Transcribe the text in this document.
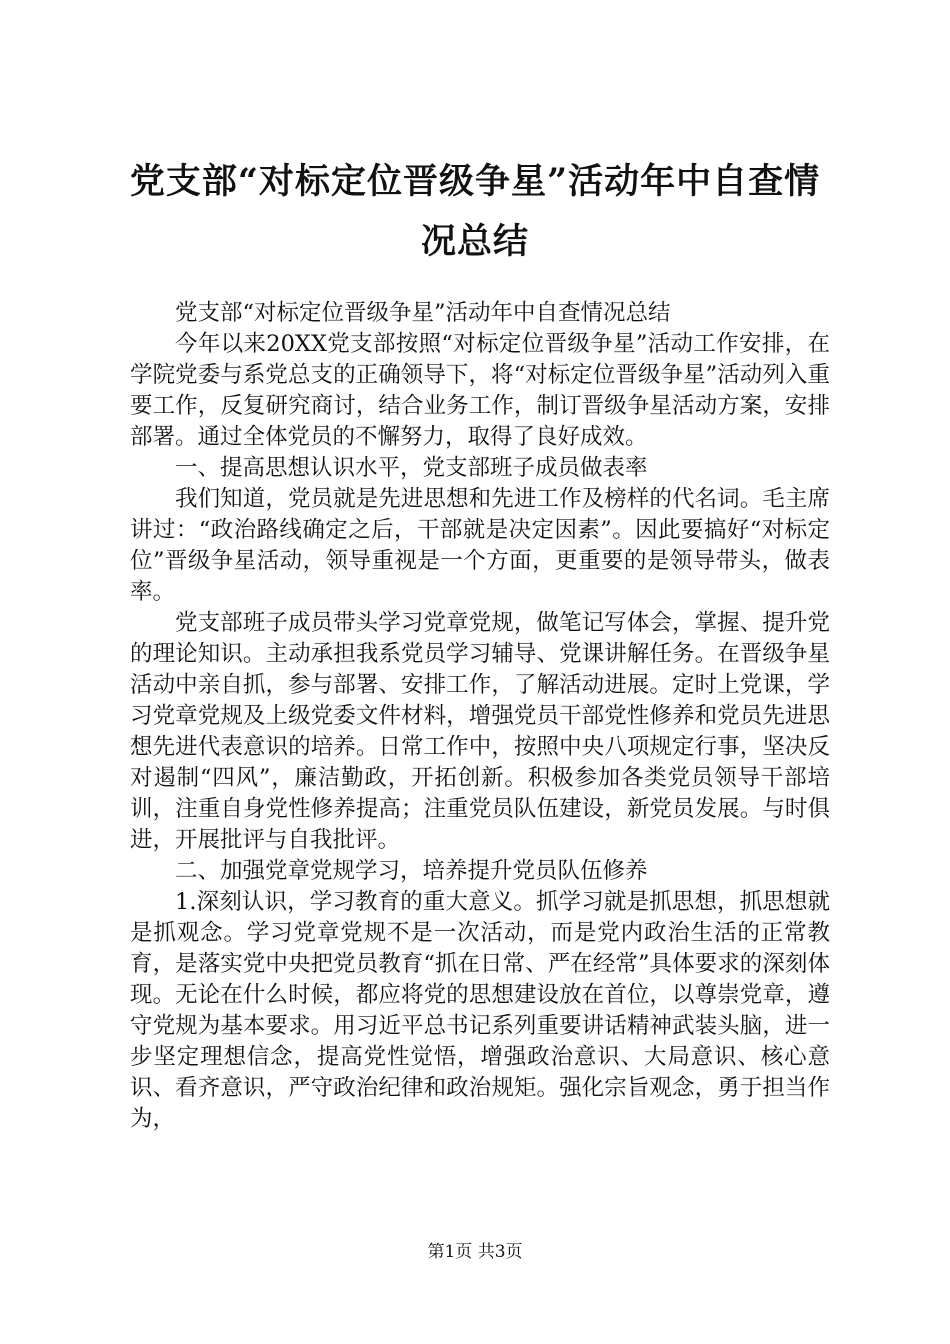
党支部“对标定位晋级争星”活动年中自查情况总结

党支部“对标定位晋级争星”活动年中自查情况总结

今年以来20XX党支部按照“对标定位晋级争星”活动工作安排，在学院党委与系党总支的正确领导下，将“对标定位晋级争星”活动列入重要工作，反复研究商讨，结合业务工作，制订晋级争星活动方案，安排部署。通过全体党员的不懈努力，取得了良好成效。

一、提高思想认识水平，党支部班子成员做表率

我们知道，党员就是先进思想和先进工作及榜样的代名词。毛主席讲过：“政治路线确定之后，干部就是决定因素”。因此要搞好“对标定位”晋级争星活动，领导重视是一个方面，更重要的是领导带头，做表率。

党支部班子成员带头学习党章党规，做笔记写体会，掌握、提升党的理论知识。主动承担我系党员学习辅导、党课讲解任务。在晋级争星活动中亲自抓，参与部署、安排工作，了解活动进展。定时上党课，学习党章党规及上级党委文件材料，增强党员干部党性修养和党员先进思想先进代表意识的培养。日常工作中，按照中央八项规定行事，坚决反对遏制“四风”，廉洁勤政，开拓创新。积极参加各类党员领导干部培训，注重自身党性修养提高；注重党员队伍建设，新党员发展。与时俱进，开展批评与自我批评。

二、加强党章党规学习，培养提升党员队伍修养

1.深刻认识，学习教育的重大意义。抓学习就是抓思想，抓思想就是抓观念。学习党章党规不是一次活动，而是党内政治生活的正常教育，是落实党中央把党员教育“抓在日常、严在经常”具体要求的深刻体现。无论在什么时候，都应将党的思想建设放在首位，以尊崇党章，遵守党规为基本要求。用习近平总书记系列重要讲话精神武装头脑，进一步坚定理想信念，提高党性觉悟，增强政治意识、大局意识、核心意识、看齐意识，严守政治纪律和政治规矩。强化宗旨观念，勇于担当作为，

第1页 共3页
